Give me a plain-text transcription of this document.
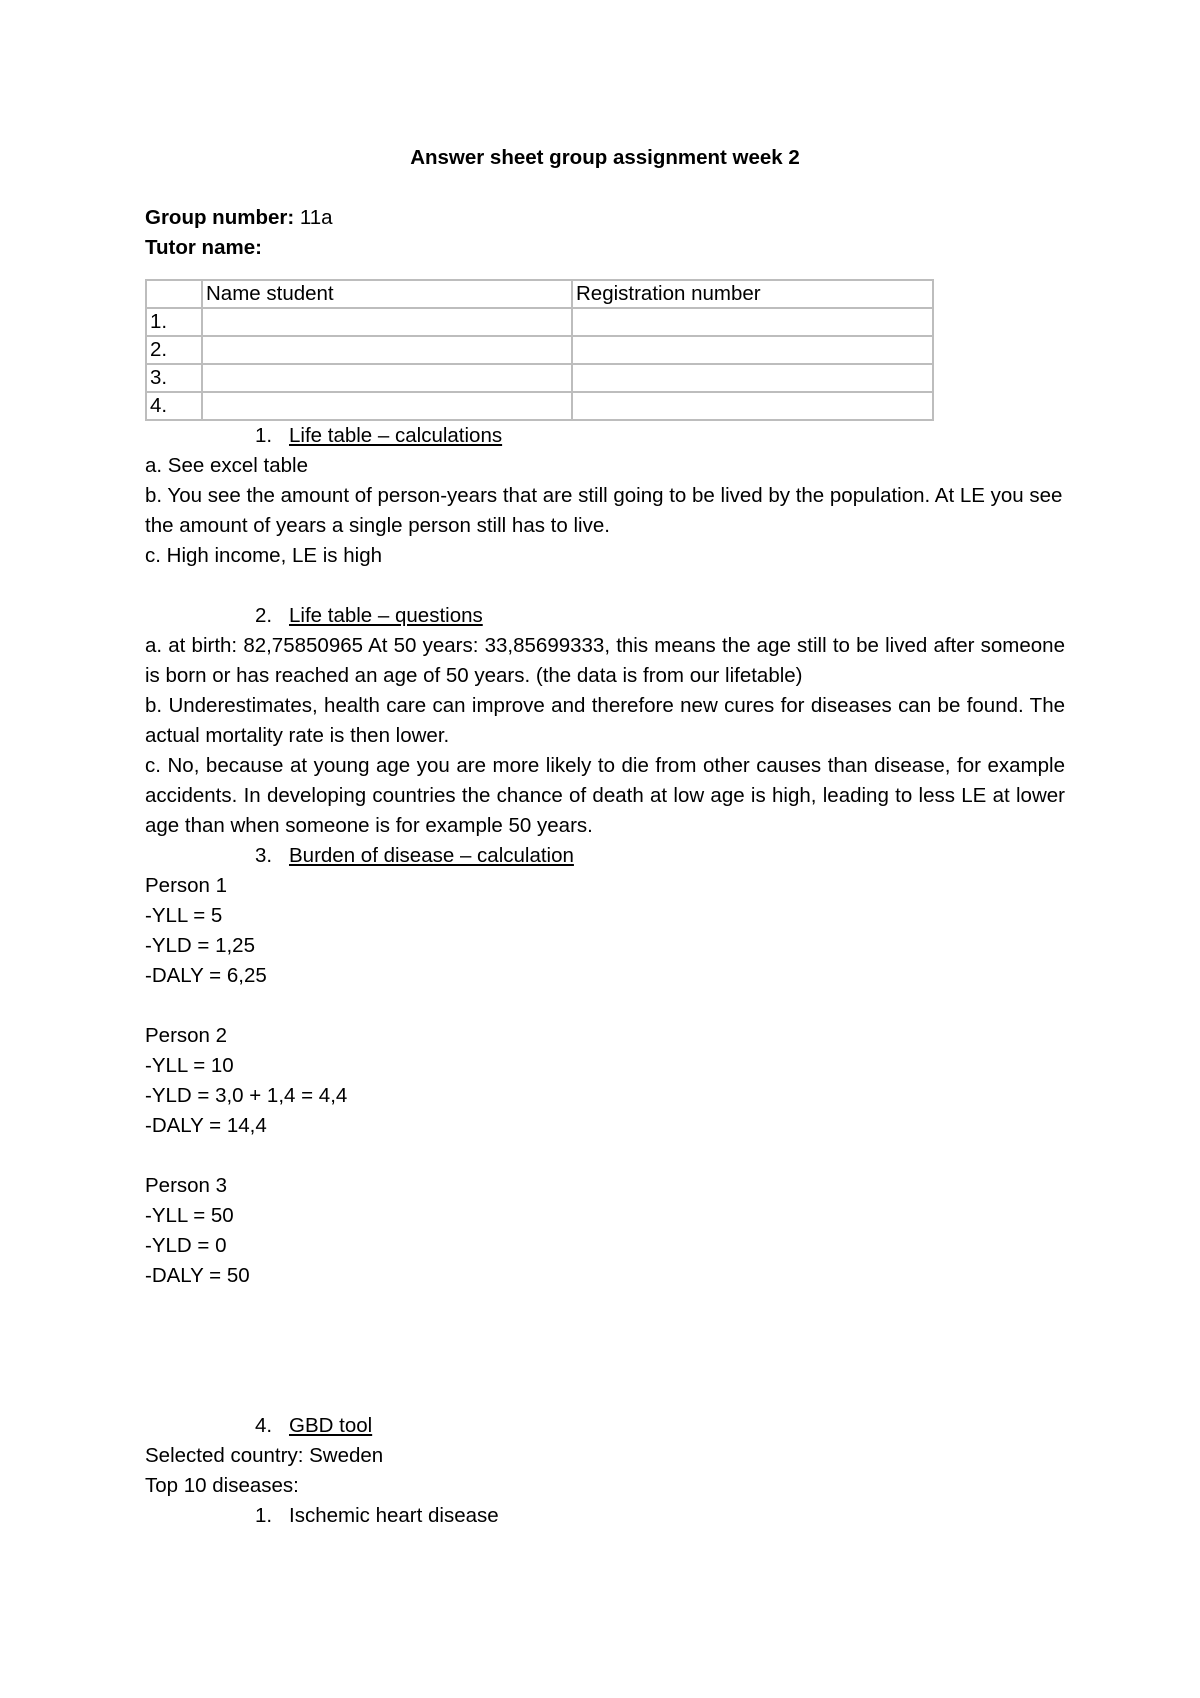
Answer sheet group assignment week 2
Group number: 11a
Tutor name:
	Name student	Registration number
1.		
2.		
3.		
4.		
1. Life table – calculations
a. See excel table
b. You see the amount of person-years that are still going to be lived by the population. At LE you see the amount of years a single person still has to live.
c. High income, LE is high
2. Life table – questions
a. at birth: 82,75850965 At 50 years: 33,85699333, this means the age still to be lived after someone is born or has reached an age of 50 years. (the data is from our lifetable)
b. Underestimates, health care can improve and therefore new cures for diseases can be found. The actual mortality rate is then lower.
c. No, because at young age you are more likely to die from other causes than disease, for example accidents. In developing countries the chance of death at low age is high, leading to less LE at lower age than when someone is for example 50 years.
3. Burden of disease – calculation
Person 1
-YLL = 5
-YLD = 1,25
-DALY = 6,25
Person 2
-YLL = 10
-YLD = 3,0 + 1,4 = 4,4
-DALY = 14,4
Person 3
-YLL = 50
-YLD = 0
-DALY = 50
4. GBD tool
Selected country: Sweden
Top 10 diseases:
1. Ischemic heart disease
